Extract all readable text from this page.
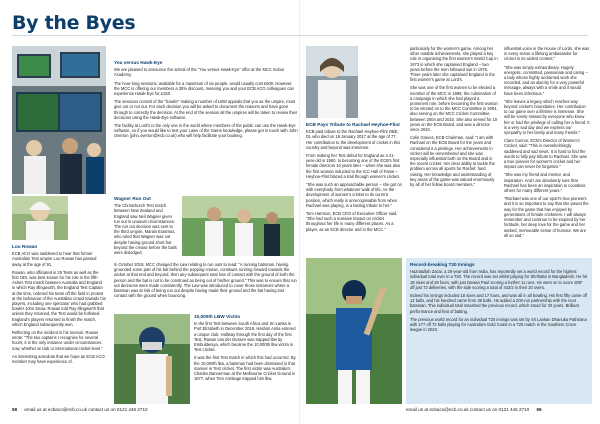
By the Byes
You versus Hawk-Eye

We are pleased to announce the arrival of the "You versus Hawk-Eye" offer at the MCC Indoor Academy.

The hour-long sessions, available for a maximum of six people, would usually cost £600. However, the MCC is offering our members a 30% discount, meaning you and your ECB ACO colleagues can experience Hawk-Eye for £150.

The sessions consist of the "bowler" making a number of LBW appeals that you as the umpire, must give out or not out. For each decision you will be asked to document the reasons and have gone through to correctly the decision. At the end of the session all the umpires will be taken to review their decisions using the Hawk-Eye software.

The facility at Lord's is the only one in the world where members of the public can use the Hawk-Eye software, so if you would like to test your Laws of the Game knowledge, please get in touch with John Overton (john.overton@ecb.co.uk) who will help facilitate your booking.

Lou Rowan

ECB ACO was saddened to hear that former Australian Test umpire Lou Rowan has passed away at the age of 91.

Rowan, who officiated in 25 Tests as well as the first ODI, was best known for his role in the fifth Ashes Test match between Australia and England in which Ray Illingworth, the England Test Captain at the time, ordered his team off the field in protest at the behaviour of the Australian crowd towards his players, including one spectator who had grabbed bowler John Snow. Rowan told Ray Illingworth that unless they returned, the Test would be forfeited. England's players returned to finish the match, which England subsequently won.

Reflecting on the incident in his memoir, Rowan wrote: "The two captains I recognise for several hours, it is the only instance under circumstances now, whether at club or international cricket level."

An interesting anecdote that we hope an ECB ACO member may have experience of.

Wagner Run Out

The Christchurch Test match between New Zealand and England saw Neil Wagner given run out in unusual circumstances. The run out decision was sent to the third umpire, Marais Erasmus, who ruled that Wagner was not despite having ground short but beyond the crease before the bails were dislodged.

In October 2019, MCC changed the Law relating to run outs to read: "A running batsman, having grounded some part of his bat behind the popping crease, continues running forward towards the wicket at that end and beyond, then any subsequent total loss of contact with the ground of both the person and the bat is not to be construed as being out of his/her ground." This was to ensure that run out decisions were made consistently. The Law was introduced to cover those instances where a batsman was at risk of being run out despite having made their ground and the bat having lost contact with the ground when bouncing.

10,000th LBW Victim

In the first Test between South Africa and Sri Lanka in Port Elizabeth in December 2019, Hashim Amla entered a unique club. Halfway through the first day of the first Test, Rassie van der Dussen was trapped lbw by Embuldeniya, which became the 10,000th lbw victim in Test cricket.

It was the first Test match in which this had occurred. By the 10,000th lbw, a batsman had been dismissed in that manner in Test cricket. The first victim was Australia's Charles Bannerman at the Melbourne Cricket Ground in 1877, when Tom Armitage trapped him lbw.

ECB Pays Tribute to Rachael Heyhoe-Flint

ECB paid tribute to the Rachael Heyhoe-Flint OBE, DL who died on 18 January 2017 at the age of 77. Her contribution to the development of cricket in this country and beyond was immense.

From making her Test debut for England as a 21-year-old in 1960, to becoming one of the ECB's first female directors 10 years later – when she was also the first woman inducted to the ICC Hall of Fame – Heyhoe-Flint blazed a trail through women's cricket.

"She was such an approachable person – she got on with everybody from whatever walk of life. As the development of women's cricket to its current position, which really is unrecognisable from when Rachael was playing, is a lasting tribute to her."

Tom Harrison, ECB CEO of Executive Officer said: "She had such a massive impact on cricket throughout her life in many different places. As a player, as an ECB director and in the MCC."

particularly for the women's game. Among her other notable achievements, she played a key role in organising the first women's World Cup in 1973 in which she captained England – two years before the men followed suit in 1975. Three years later she captained England in the first women's game at Lord's.

She was one of the first women to be elected a member of the MCC in 1999, the culmination of a campaign in which she had played a prominent role, before becoming the first woman to be elected on to the MCC Committee in 2004, also serving on the MCC Cricket Committee between 2004 and 2010. She also served for 10 years on the ECB Board, and was a director since 2010.

Colin Graves, ECB Chairman, said: "I am with Rachael on the ECB Board for the years and considered it a privilege. Her achievements in cricket will be remembered and she was especially influential both on the Board and in the recent cricket. Her clear ability to tackle the problem across all sports for Rachel: fund raising. Her knowledge and understanding of key areas of the game was valued enormously by all of her fellow board members."

influential voice in the House of Lords, she was in every sense a lifelong ambassador for cricket in its widest context."

"She was simply extraordinary. Hugely energetic, committed, passionate and caring – a lady whose highly acclaimed work she recorded, and an alacrity for a very powerful message, always with a smile and it would have been infectious."

"She leaves a legacy which reaches way beyond cricket's boundaries. Her contribution to our game over a lifetime is immense. She will be sorely missed by everyone who knew her or had the privilege of calling her a friend. It is a very sad day and we express our sympathy to her family and many friends."

Clare Connor, ECB's Director of Women's Cricket, said: "This is overwhelmingly saddened and sad news. It is hard to find the words to fully pay tribute to Rachael. She was a true pioneer for women's cricket and her impact can never be forgotten."

"She was my friend and mentor, and inspiration. And I am absolutely sure that Rachael has been an inspiration to countless others for many different years."

"Rachael was one of our sport's true pioneers and it is so important to say that she paved the way for the game that has enjoyed by generations of female cricketers. I will always remember and continue to be inspired by her fortitude, her deep love for the game and her wicked, memorable sense of humour. We are all so sad."

Record-breaking T20 Innings

Hazratullah Zazai, a 20-year-old from India, has reportedly set a world record for the highest individual total ever in a T20. The record was set whilst playing for Shrihatta in Bangladesh. He hit 18 sixes and 29 fours, with just Dewan Paul scoring a further 11 runs. He went on to score 300* off just 72 deliveries, with the side scoring a total of 443/2 in their 20 overs.

Indeed his innings included 18 sixes and 17 fours, and was all in all bowling. His first fifty came off 12 balls, and his hundred came from 38 balls. He added a 200-run partnership with the next batsman. This individual total smashed the previous record, which stood for 20 years. Brilliant performance and feat of batting.

The previous world record for an individual T20 innings was set by Sri Lankan Dhanuka Pathirana with 277 off 72 balls playing for Australia's Gold Coast in a T20 match in the Southern Cross league in 2020.

58 email us at ecbaco@ecb.co.uk contact us on 0121 446 2710	email us at ecbaco@ecb.co.uk contact us on 0121 446 2710 59
